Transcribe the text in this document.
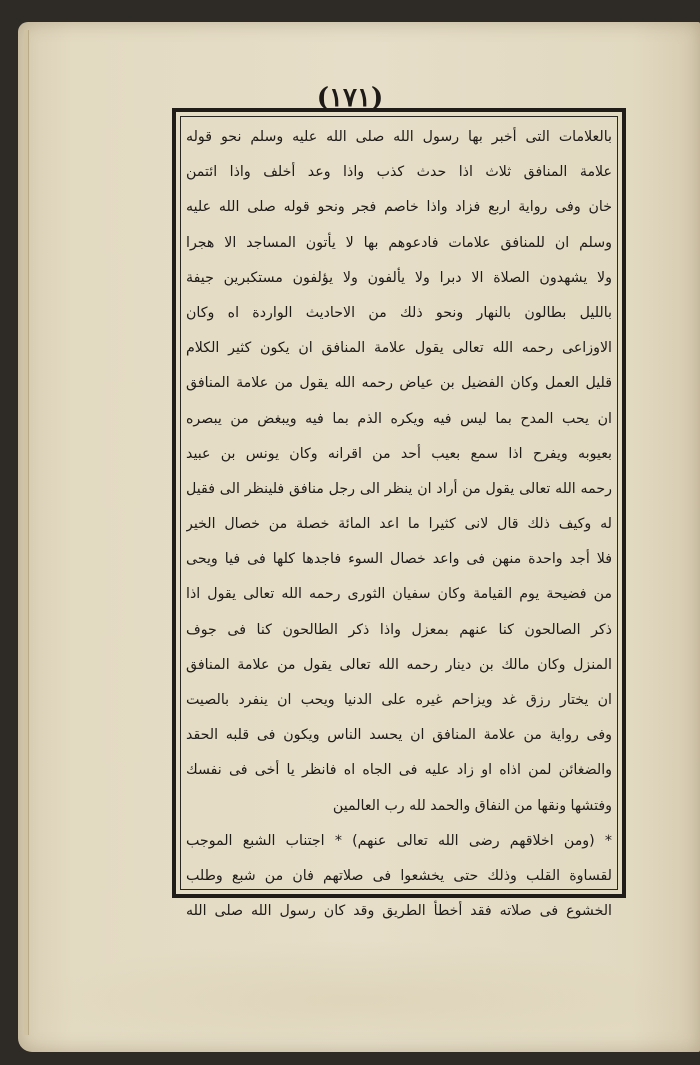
(١٧١)
بالعلامات التى أخبر بها رسول الله صلى الله عليه وسلم نحو قوله
علامة المنافق ثلاث اذا حدث كذب واذا وعد أخلف واذا ائتمن
خان وفى رواية اربع فزاد واذا خاصم فجر ونحو قوله صلى الله عليه
وسلم ان للمنافق علامات فادعوهم بها لا يأتون المساجد الا هجرا
ولا يشهدون الصلاة الا دبرا ولا يألفون ولا يؤلفون مستكبرين جيفة
بالليل بطالون بالنهار ونحو ذلك من الاحاديث الواردة اه وكان
الاوزاعى رحمه الله تعالى يقول علامة المنافق ان يكون كثير الكلام
قليل العمل وكان الفضيل بن عياض رحمه الله يقول من علامة المنافق
ان يحب المدح بما ليس فيه ويكره الذم بما فيه ويبغض من يبصره
بعيوبه ويفرح اذا سمع بعيب أحد من اقرانه وكان يونس بن عبيد
رحمه الله تعالى يقول من أراد ان ينظر الى رجل منافق فلينظر الى فقيل
له وكيف ذلك قال لانى كثيرا ما اعد المائة خصلة من خصال الخير
فلا أجد واحدة منهن فى واعد خصال السوء فاجدها كلها فى فيا ويحى
من فضيحة يوم القيامة وكان سفيان الثورى رحمه الله تعالى يقول اذا
ذكر الصالحون كنا عنهم بمعزل واذا ذكر الطالحون كنا فى جوف
المنزل وكان مالك بن دينار رحمه الله تعالى يقول من علامة المنافق
ان يختار رزق غد ويزاحم غيره على الدنيا ويحب ان ينفرد بالصيت
وفى رواية من علامة المنافق ان يحسد الناس ويكون فى قلبه الحقد
والضغائن لمن اذاه او زاد عليه فى الجاه اه فانظر يا أخى فى نفسك
وفتشها ونقها من النفاق والحمد لله رب العالمين
* (ومن اخلاقهم رضى الله تعالى عنهم) * اجتناب الشبع الموجب
لقساوة القلب وذلك حتى يخشعوا فى صلاتهم فان من شبع وطلب
الخشوع فى صلاته فقد أخطأ الطريق وقد كان رسول الله صلى الله
